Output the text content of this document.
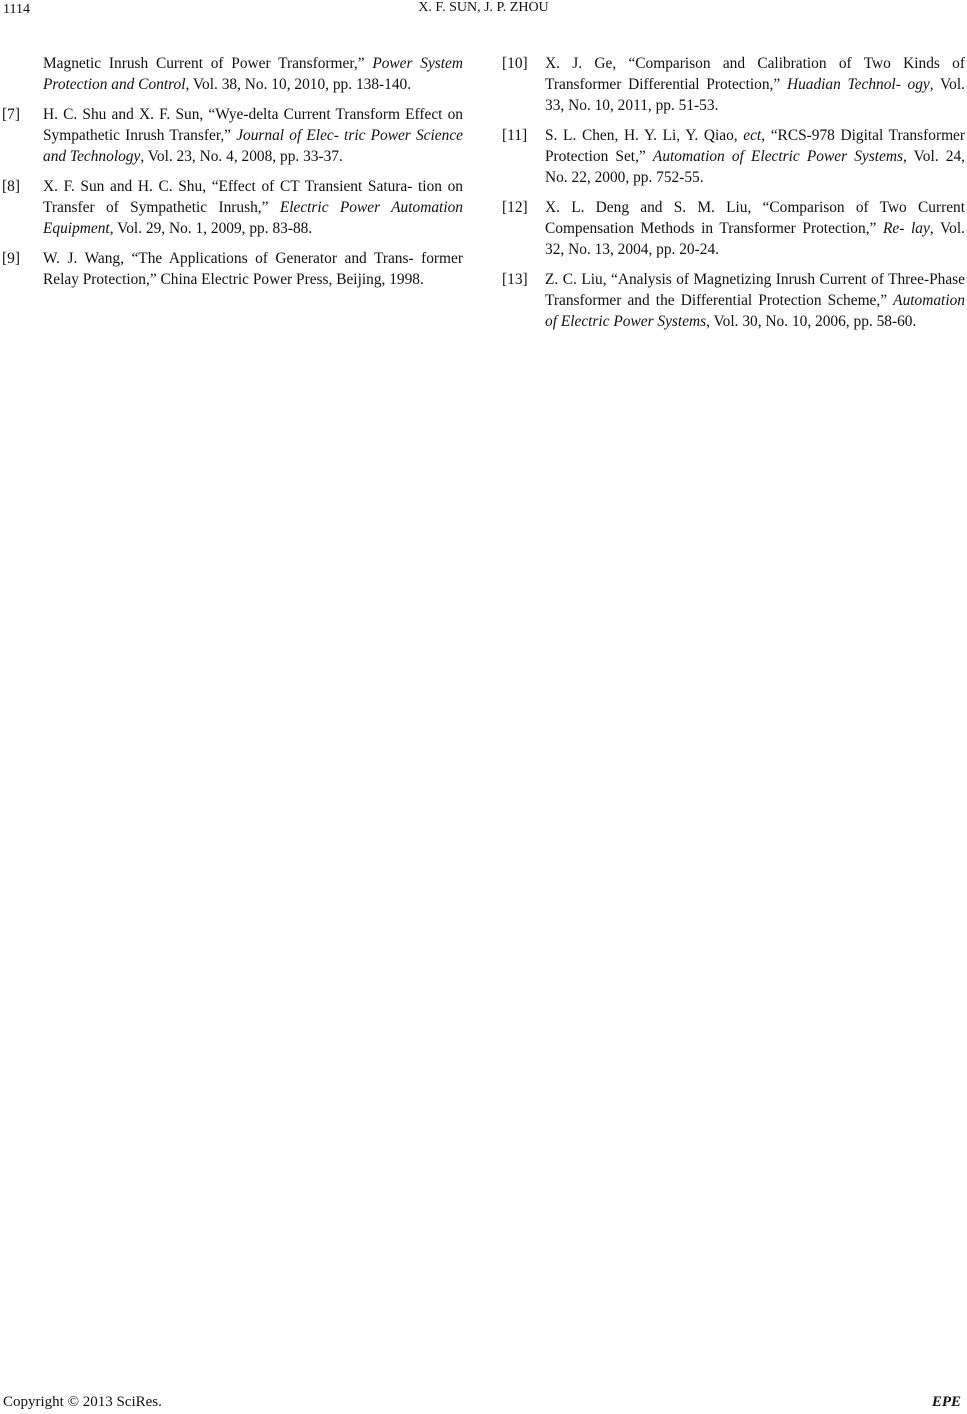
1114	X. F. SUN, J. P. ZHOU
Magnetic Inrush Current of Power Transformer,” Power System Protection and Control, Vol. 38, No. 10, 2010, pp. 138-140.
[7]	H. C. Shu and X. F. Sun, “Wye-delta Current Transform Effect on Sympathetic Inrush Transfer,” Journal of Elec- tric Power Science and Technology, Vol. 23, No. 4, 2008, pp. 33-37.
[8]	X. F. Sun and H. C. Shu, “Effect of CT Transient Satura- tion on Transfer of Sympathetic Inrush,” Electric Power Automation Equipment, Vol. 29, No. 1, 2009, pp. 83-88.
[9]	W. J. Wang, “The Applications of Generator and Trans- former Relay Protection,” China Electric Power Press, Beijing, 1998.
[10]	X. J. Ge, “Comparison and Calibration of Two Kinds of Transformer Differential Protection,” Huadian Technol- ogy, Vol. 33, No. 10, 2011, pp. 51-53.
[11]	S. L. Chen, H. Y. Li, Y. Qiao, ect, “RCS-978 Digital Transformer Protection Set,” Automation of Electric Power Systems, Vol. 24, No. 22, 2000, pp. 752-55.
[12]	X. L. Deng and S. M. Liu, “Comparison of Two Current Compensation Methods in Transformer Protection,” Re- lay, Vol. 32, No. 13, 2004, pp. 20-24.
[13]	Z. C. Liu, “Analysis of Magnetizing Inrush Current of Three-Phase Transformer and the Differential Protection Scheme,” Automation of Electric Power Systems, Vol. 30, No. 10, 2006, pp. 58-60.
Copyright © 2013 SciRes.	EPE
